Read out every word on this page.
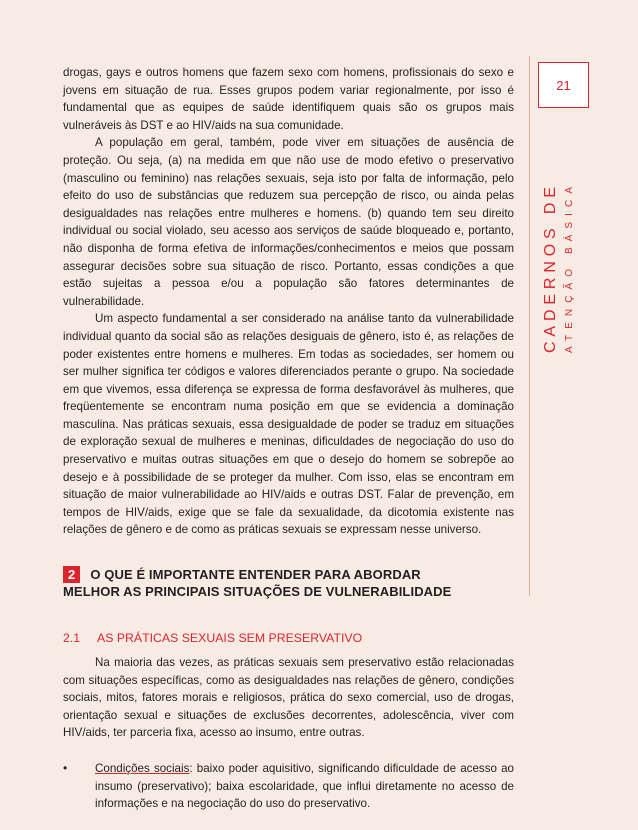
21
CADERNOS DE
ATENÇÃO BÁSICA

drogas, gays e outros homens que fazem sexo com homens, profissionais do sexo e jovens em situação de rua. Esses grupos podem variar regionalmente, por isso é fundamental que as equipes de saúde identifiquem quais são os grupos mais vulneráveis às DST e ao HIV/aids na sua comunidade.

A população em geral, também, pode viver em situações de ausência de proteção. Ou seja, (a) na medida em que não use de modo efetivo o preservativo (masculino ou feminino) nas relações sexuais, seja isto por falta de informação, pelo efeito do uso de substâncias que reduzem sua percepção de risco, ou ainda pelas desigualdades nas relações entre mulheres e homens. (b) quando tem seu direito individual ou social violado, seu acesso aos serviços de saúde bloqueado e, portanto, não disponha de forma efetiva de informações/conhecimentos e meios que possam assegurar decisões sobre sua situação de risco. Portanto, essas condições a que estão sujeitas a pessoa e/ou a população são fatores determinantes de vulnerabilidade.

Um aspecto fundamental a ser considerado na análise tanto da vulnerabilidade individual quanto da social são as relações desiguais de gênero, isto é, as relações de poder existentes entre homens e mulheres. Em todas as sociedades, ser homem ou ser mulher significa ter códigos e valores diferenciados perante o grupo. Na sociedade em que vivemos, essa diferença se expressa de forma desfavorável às mulheres, que freqüentemente se encontram numa posição em que se evidencia a dominação masculina. Nas práticas sexuais, essa desigualdade de poder se traduz em situações de exploração sexual de mulheres e meninas, dificuldades de negociação do uso do preservativo e muitas outras situações em que o desejo do homem se sobrepõe ao desejo e à possibilidade de se proteger da mulher. Com isso, elas se encontram em situação de maior vulnerabilidade ao HIV/aids e outras DST. Falar de prevenção, em tempos de HIV/aids, exige que se fale da sexualidade, da dicotomia existente nas relações de gênero e de como as práticas sexuais se expressam nesse universo.

2 O QUE É IMPORTANTE ENTENDER PARA ABORDAR
MELHOR AS PRINCIPAIS SITUAÇÕES DE VULNERABILIDADE
2.1 AS PRÁTICAS SEXUAIS SEM PRESERVATIVO

Na maioria das vezes, as práticas sexuais sem preservativo estão relacionadas com situações específicas, como as desigualdades nas relações de gênero, condições sociais, mitos, fatores morais e religiosos, prática do sexo comercial, uso de drogas, orientação sexual e situações de exclusões decorrentes, adolescência, viver com HIV/aids, ter parceria fixa, acesso ao insumo, entre outras.

•	Condições sociais: baixo poder aquisitivo, significando dificuldade de acesso ao insumo (preservativo); baixa escolaridade, que influi diretamente no acesso de informações e na negociação do uso do preservativo.
